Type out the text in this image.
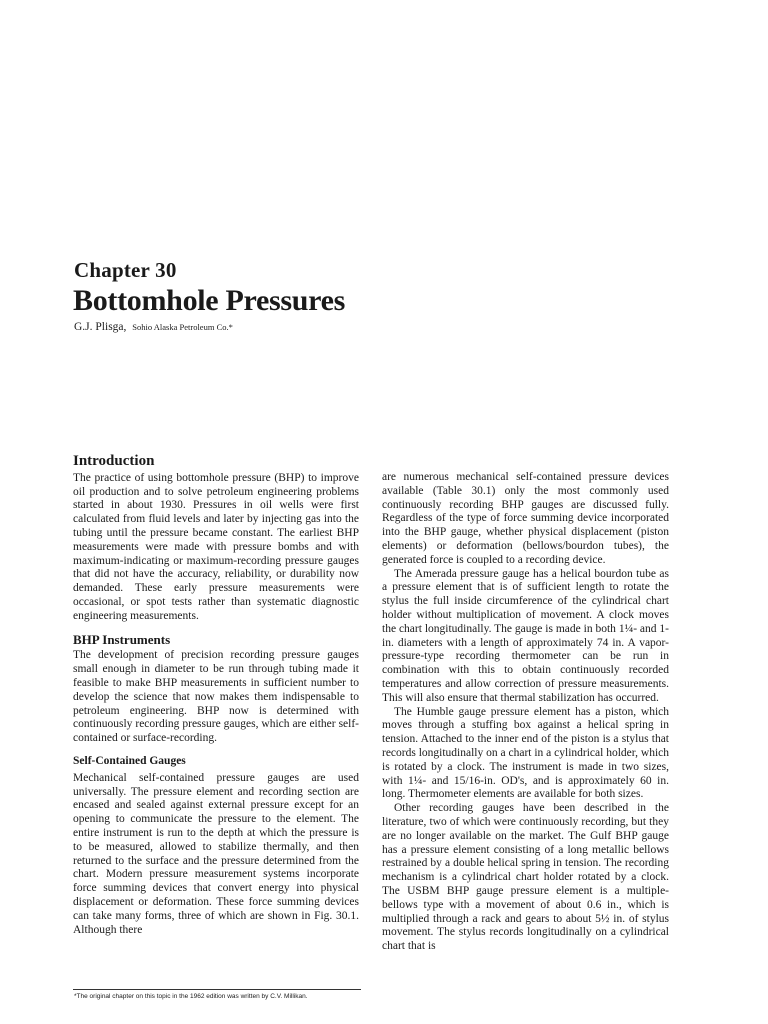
Chapter 30
Bottomhole Pressures
G.J. Plisga, Sohio Alaska Petroleum Co.*
Introduction

The practice of using bottomhole pressure (BHP) to improve oil production and to solve petroleum engineering problems started in about 1930. Pressures in oil wells were first calculated from fluid levels and later by injecting gas into the tubing until the pressure became constant. The earliest BHP measurements were made with pressure bombs and with maximum-indicating or maximum-recording pressure gauges that did not have the accuracy, reliability, or durability now demanded. These early pressure measurements were occasional, or spot tests rather than systematic diagnostic engineering measurements.

BHP Instruments

The development of precision recording pressure gauges small enough in diameter to be run through tubing made it feasible to make BHP measurements in sufficient number to develop the science that now makes them indispensable to petroleum engineering. BHP now is determined with continuously recording pressure gauges, which are either self-contained or surface-recording.

Self-Contained Gauges

Mechanical self-contained pressure gauges are used universally. The pressure element and recording section are encased and sealed against external pressure except for an opening to communicate the pressure to the element. The entire instrument is run to the depth at which the pressure is to be measured, allowed to stabilize thermally, and then returned to the surface and the pressure determined from the chart. Modern pressure measurement systems incorporate force summing devices that convert energy into physical displacement or deformation. These force summing devices can take many forms, three of which are shown in Fig. 30.1. Although there

are numerous mechanical self-contained pressure devices available (Table 30.1) only the most commonly used continuously recording BHP gauges are discussed fully. Regardless of the type of force summing device incorporated into the BHP gauge, whether physical displacement (piston elements) or deformation (bellows/bourdon tubes), the generated force is coupled to a recording device.

The Amerada pressure gauge has a helical bourdon tube as a pressure element that is of sufficient length to rotate the stylus the full inside circumference of the cylindrical chart holder without multiplication of movement. A clock moves the chart longitudinally. The gauge is made in both 1¼- and 1-in. diameters with a length of approximately 74 in. A vapor-pressure-type recording thermometer can be run in combination with this to obtain continuously recorded temperatures and allow correction of pressure measurements. This will also ensure that thermal stabilization has occurred.

The Humble gauge pressure element has a piston, which moves through a stuffing box against a helical spring in tension. Attached to the inner end of the piston is a stylus that records longitudinally on a chart in a cylindrical holder, which is rotated by a clock. The instrument is made in two sizes, with 1¼- and 15/16-in. OD's, and is approximately 60 in. long. Thermometer elements are available for both sizes.

Other recording gauges have been described in the literature, two of which were continuously recording, but they are no longer available on the market. The Gulf BHP gauge has a pressure element consisting of a long metallic bellows restrained by a double helical spring in tension. The recording mechanism is a cylindrical chart holder rotated by a clock. The USBM BHP gauge pressure element is a multiple-bellows type with a movement of about 0.6 in., which is multiplied through a rack and gears to about 5½ in. of stylus movement. The stylus records longitudinally on a cylindrical chart that is

*The original chapter on this topic in the 1962 edition was written by C.V. Millikan.
